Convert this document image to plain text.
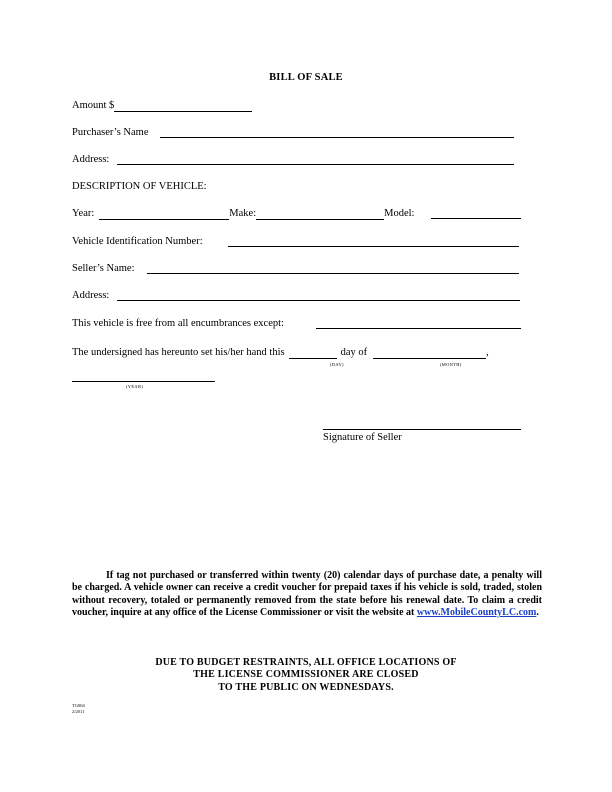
BILL OF SALE
Amount $
Purchaser’s Name
Address:
DESCRIPTION OF VEHICLE:
Year:	Make:	Model:
Vehicle Identification Number:
Seller’s Name:
Address:
This vehicle is free from all encumbrances except:
The undersigned has hereunto set his/her hand this	day of	,
(DAY)	(MONTH)
(YEAR)
Signature of Seller
If tag not purchased or transferred within twenty (20) calendar days of purchase date, a penalty will be charged. A vehicle owner can receive a credit voucher for prepaid taxes if his vehicle is sold, traded, stolen without recovery, totaled or permanently removed from the state before his renewal date. To claim a credit voucher, inquire at any office of the License Commissioner or visit the website at www.MobileCountyLC.com.
DUE TO BUDGET RESTRAINTS, ALL OFFICE LOCATIONS OF
THE LICENSE COMMISSIONER ARE CLOSED
TO THE PUBLIC ON WEDNESDAYS.
TG004
2/2011
